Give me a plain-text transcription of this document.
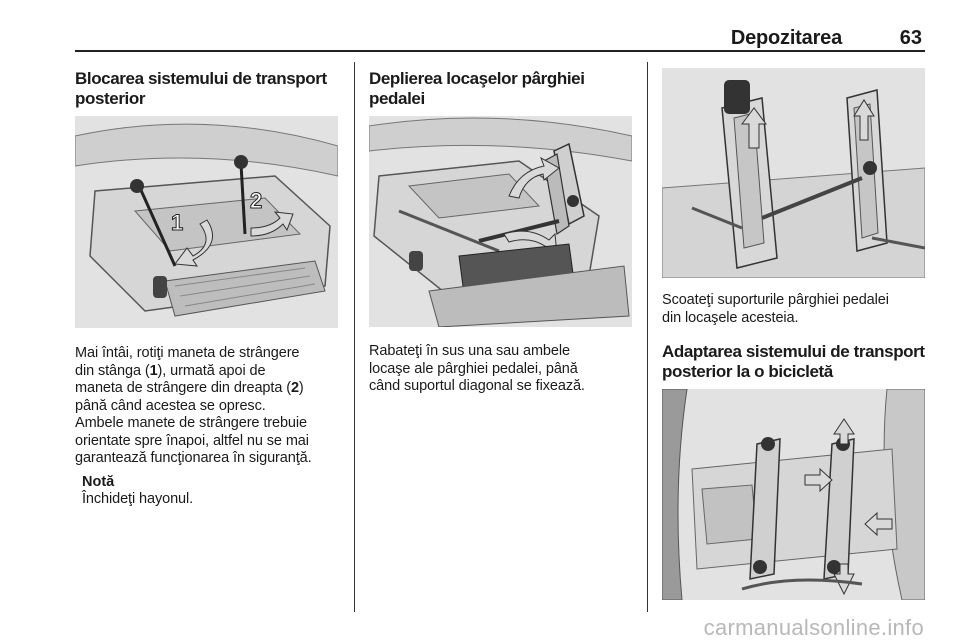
Depozitarea	63
Blocarea sistemului de transport posterior
1
2
Mai întâi, rotiţi maneta de strângere
din stânga (1), urmată apoi de
maneta de strângere din dreapta (2)
până când acestea se opresc.
Ambele manete de strângere trebuie
orientate spre înapoi, altfel nu se mai
garantează funcţionarea în siguranţă.
Notă
Închideţi hayonul.
Deplierea locaşelor pârghiei
pedalei
Rabateţi în sus una sau ambele
locaşe ale pârghiei pedalei, până
când suportul diagonal se fixează.
Scoateţi suporturile pârghiei pedalei
din locaşele acesteia.
Adaptarea sistemului de transport
posterior la o bicicletă
carmanualsonline.info
